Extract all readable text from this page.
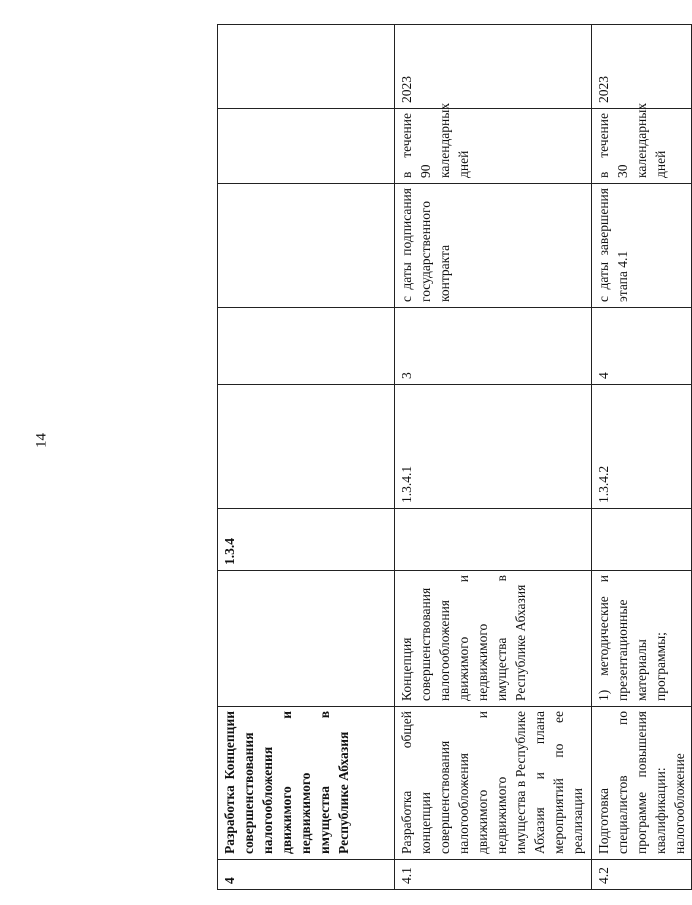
14
4	Разработка Концепции совершенствования налогообложения движимого и недвижимого имущества в Республике Абхазия		1.3.4					
4.1	Разработка общей концепции совершенствования налогообложения движимого и недвижимого имущества в Республике Абхазия и плана мероприятий по ее реализации	Концепция совершенствования налогообложения движимого и недвижимого имущества в Республике Абхазия		1.3.4.1	3	с даты подписания государственного контракта	в течение 90 календарных дней	2023
4.2	Подготовка специалистов по программе повышения квалификации: налогообложение	1) методические и презентационные материалы программы;		1.3.4.2	4	с даты завершения этапа 4.1	в течение 30 календарных дней	2023
